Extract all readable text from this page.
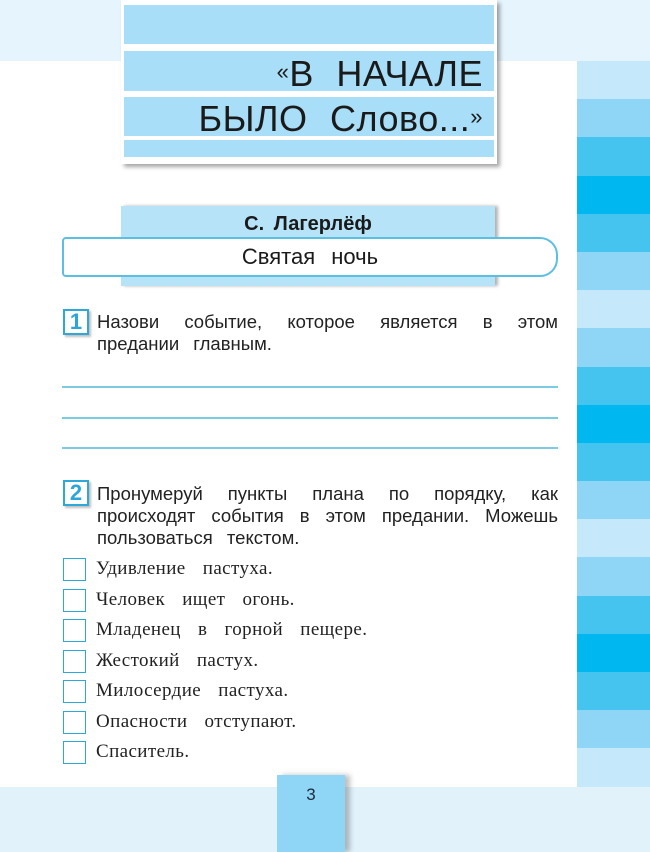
«В НАЧАЛЕ
БЫЛО Слово...»
С. Лагерлёф
Святая ночь
1 Назови событие, которое является в этом предании главным.
2 Пронумеруй пункты плана по порядку, как происходят события в этом предании. Можешь пользоваться текстом.
Удивление пастуха.
Человек ищет огонь.
Младенец в горной пещере.
Жестокий пастух.
Милосердие пастуха.
Опасности отступают.
Спаситель.
3
